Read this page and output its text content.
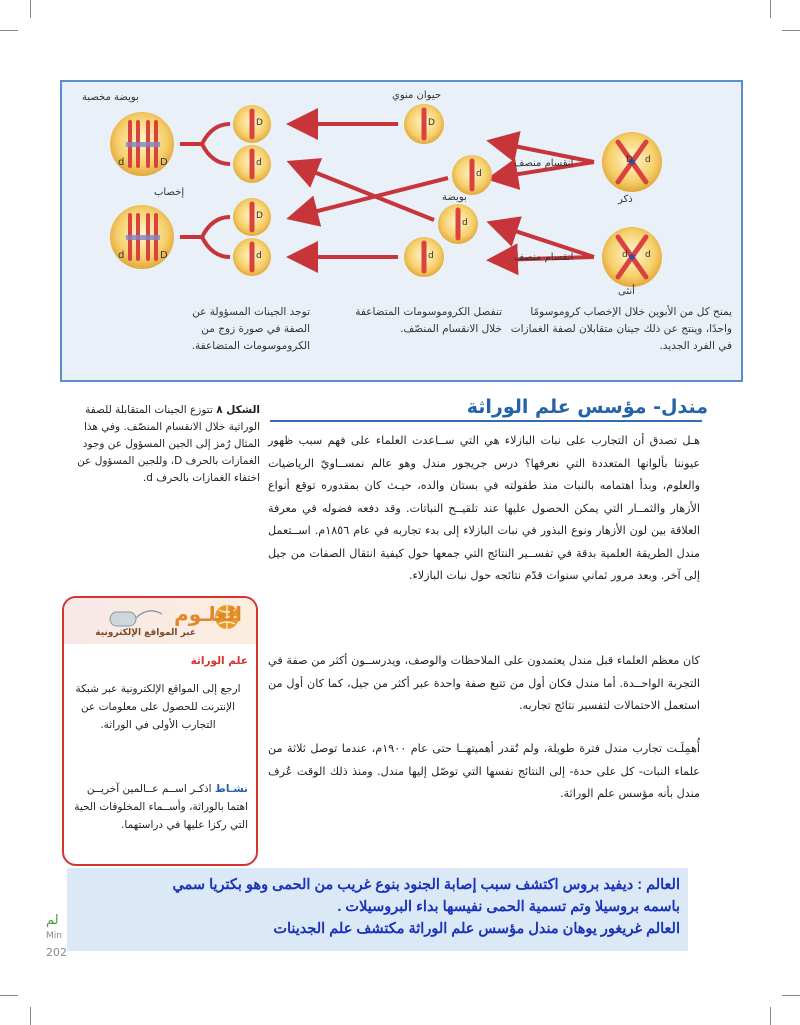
D d
d d
D
d
d
d
D
d
D
d
d	D
d	D
بويضة مخصبة	حيوان منوي
بويضة
إخصاب
انقسام منصف
انقسام منصف
ذكر
أنثى
توجد الجينات المسؤولة عن الصفة في صورة زوج من الكروموسومات المتضاعفة.
تنفصل الكروموسومات المتضاعفة خلال الانقسام المنصّف.
يمنح كل من الأبوين خلال الإخصاب كروموسومًا واحدًا، وينتج عن ذلك جينان متقابلان لصفة الغمازات في الفرد الجديد.
الشكل ٨ تتوزع الجينات المتقابلة للصفة الوراثية خلال الانقسام المنصّف. وفي هذا المثال رُمز إلى الجين المسؤول عن وجود الغمازات بالحرف D، وللجين المسؤول عن اختفاء الغمازات بالحرف d.
مندل- مؤسس علم الوراثة

هـل تصدق أن التجارب على نبات البازلاء هي التي ســاعدت العلماء على فهم سبب ظهور عيوننا بألوانها المتعددة التي نعرفها؟ درس جريجور مندل وهو عالم نمســاويّ الرياضيات والعلوم، وبدأ اهتمامه بالنبات منذ طفولته في بستان والده، حيـث كان بمقدوره توقع أنواع الأزهار والثمــار التي يمكن الحصول عليها عند تلقيــح النباتات. وقد دفعه فضوله في معرفة العلاقة بين لون الأزهار ونوع البذور في نبات البازلاء إلى بدء تجاربه في عام ١٨٥٦م. اســتعمل مندل الطريقة العلمية بدقة في تفســير النتائج التي جمعها حول كيفية انتقال الصفات من جيل إلى آخر. وبعد مرور ثماني سنوات قدّم نتائجه حول نبات البازلاء.

كان معظم العلماء قبل مندل يعتمدون على الملاحظات والوصف، ويدرســون أكثر من صفة في التجربة الواحــدة. أما مندل فكان أول من تتبع صفة واحدة عبر أكثر من جيل، كما كان أول من استعمل الاحتمالات لتفسير نتائج تجاربه.

أُهمِلَـت تجارب مندل فترة طويلة، ولم تُقدر أهميتهــا حتى عام ١٩٠٠م، عندما توصل ثلاثة من علماء النبات- كل على حدة- إلى النتائج نفسها التي توصّل إليها مندل. ومنذ ذلك الوقت عُرف مندل بأنه مؤسس علم الوراثة.

العلـوم
عبر المواقع الإلكترونية
علم الوراثة
ارجع إلى المواقع الإلكترونية عبر شبكة الإنترنت للحصول على معلومات عن التجارب الأولى في الوراثة.
نشـاط اذكـر اســم عــالمين آخريــن اهتما بالوراثة، وأســماء المخلوقات الحية التي ركزا عليها في دراستهما.
لم
Min
202
العالم : ديفيد بروس اكتشف سبب إصابة الجنود بنوع غريب من الحمى وهو بكتريا سمي
باسمه بروسيلا وتم تسمية الحمى نفيسها بداء البروسيلات .
العالم غريغور يوهان مندل مؤسس علم الوراثة مكتشف علم الجدينات
